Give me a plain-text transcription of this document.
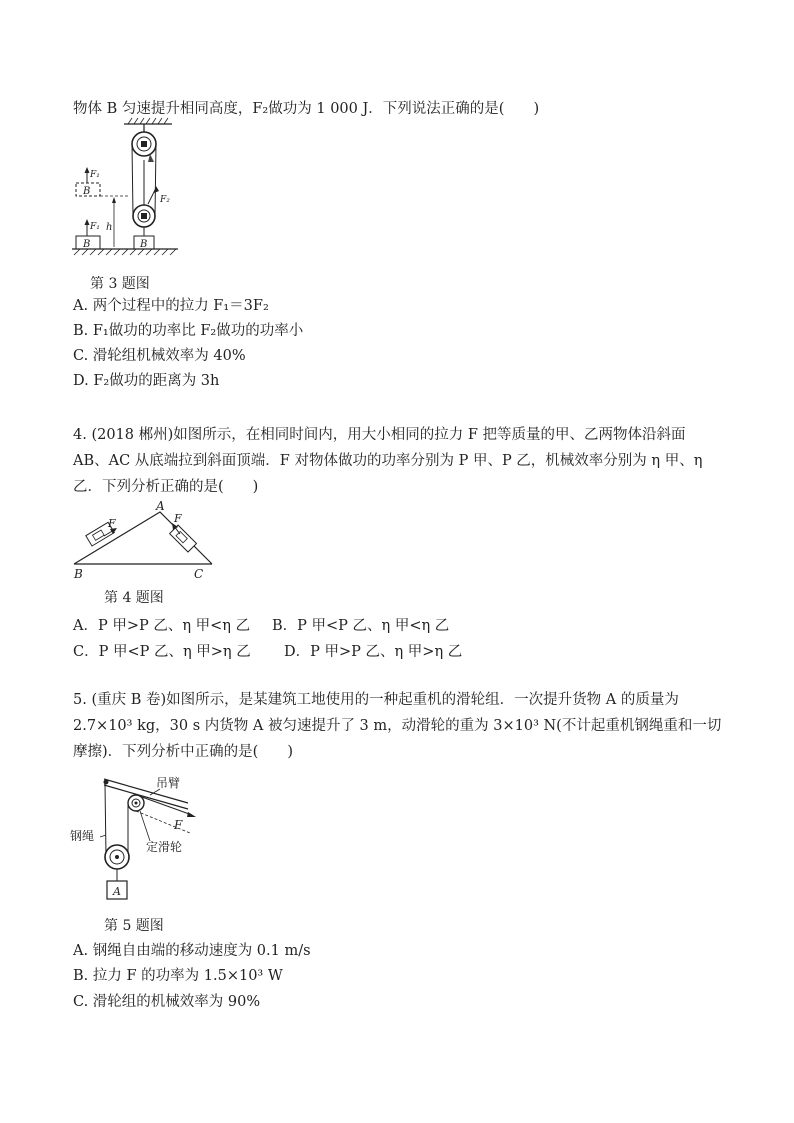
物体 B 匀速提升相同高度，F₂做功为 1 000 J．下列说法正确的是(　　)
F₂
B
B
F₁
B
F₁
h
第 3 题图
A. 两个过程中的拉力 F₁＝3F₂
B. F₁做功的功率比 F₂做功的功率小
C. 滑轮组机械效率为 40%
D. F₂做功的距离为 3h
4. (2018 郴州)如图所示，在相同时间内，用大小相同的拉力 F 把等质量的甲、乙两物体沿斜面
AB、AC 从底端拉到斜面顶端．F 对物体做功的功率分别为 P 甲、P 乙，机械效率分别为 η 甲、η
乙．下列分析正确的是(　　)
F	F
A
B	C
第 4 题图
A．P 甲>P 乙、η 甲<η 乙 B．P 甲<P 乙、η 甲<η 乙
C．P 甲<P 乙、η 甲>η 乙 D．P 甲>P 乙、η 甲>η 乙
5. (重庆 B 卷)如图所示，是某建筑工地使用的一种起重机的滑轮组．一次提升货物 A 的质量为
2.7×10³ kg，30 s 内货物 A 被匀速提升了 3 m，动滑轮的重为 3×10³ N(不计起重机钢绳重和一切
摩擦)．下列分析中正确的是(　　)
吊臂
F
钢绳
定滑轮
A
第 5 题图
A. 钢绳自由端的移动速度为 0.1 m/s
B. 拉力 F 的功率为 1.5×10³ W
C. 滑轮组的机械效率为 90%
